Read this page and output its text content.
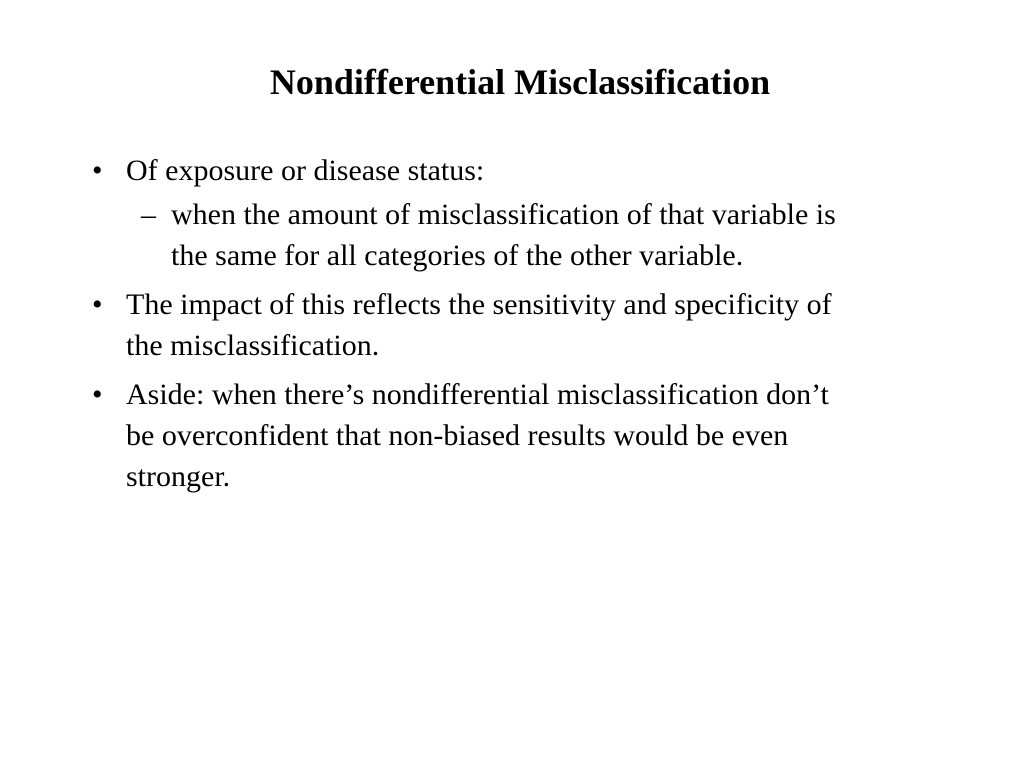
Nondifferential Misclassification
• Of exposure or disease status:
– when the amount of misclassification of that variable is
the same for all categories of the other variable.
• The impact of this reflects the sensitivity and specificity of
the misclassification.
• Aside: when there’s nondifferential misclassification don’t
be overconfident that non-biased results would be even
stronger.
